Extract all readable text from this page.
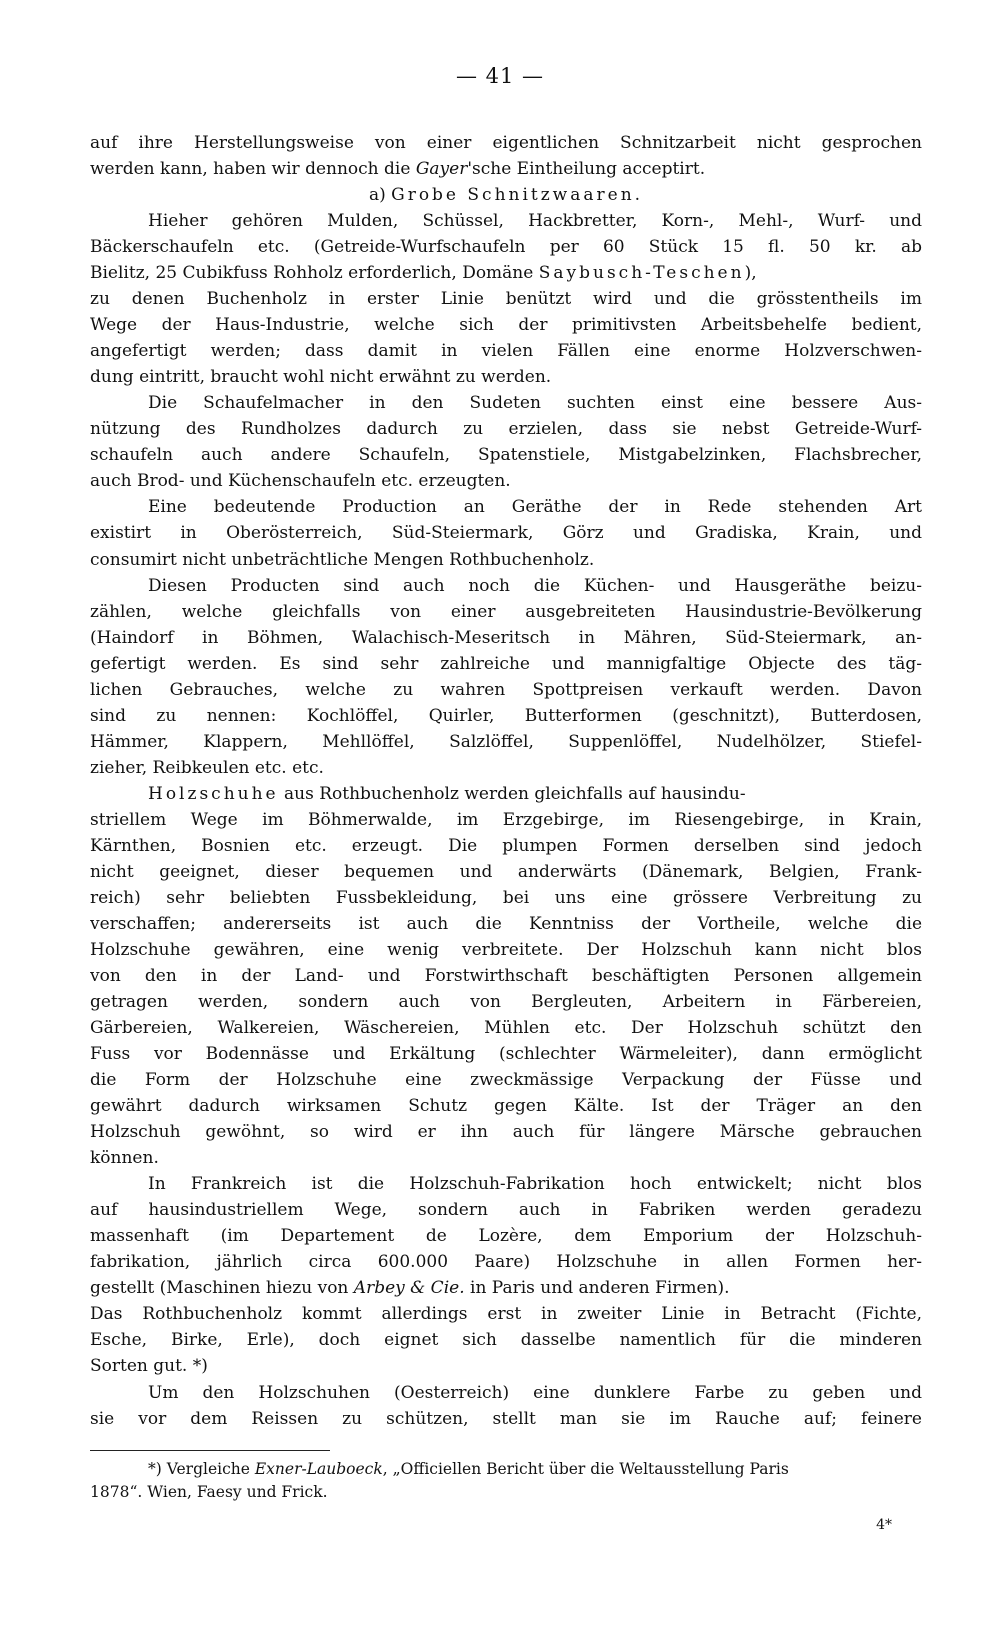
— 41 —
auf ihre Herstellungsweise von einer eigentlichen Schnitzarbeit nicht gesprochen
werden kann, haben wir dennoch die Gayer'sche Eintheilung acceptirt.
a) Grobe Schnitzwaaren.
Hieher gehören Mulden, Schüssel, Hackbretter, Korn-, Mehl-, Wurf- und
Bäckerschaufeln etc. (Getreide-Wurfschaufeln per 60 Stück 15 fl. 50 kr. ab
Bielitz, 25 Cubikfuss Rohholz erforderlich, Domäne Saybusch-Teschen),
zu denen Buchenholz in erster Linie benützt wird und die grösstentheils im
Wege der Haus-Industrie, welche sich der primitivsten Arbeitsbehelfe bedient,
angefertigt werden; dass damit in vielen Fällen eine enorme Holzverschwen-
dung eintritt, braucht wohl nicht erwähnt zu werden.
Die Schaufelmacher in den Sudeten suchten einst eine bessere Aus-
nützung des Rundholzes dadurch zu erzielen, dass sie nebst Getreide-Wurf-
schaufeln auch andere Schaufeln, Spatenstiele, Mistgabelzinken, Flachsbrecher,
auch Brod- und Küchenschaufeln etc. erzeugten.
Eine bedeutende Production an Geräthe der in Rede stehenden Art
existirt in Oberösterreich, Süd-Steiermark, Görz und Gradiska, Krain, und
consumirt nicht unbeträchtliche Mengen Rothbuchenholz.
Diesen Producten sind auch noch die Küchen- und Hausgeräthe beizu-
zählen, welche gleichfalls von einer ausgebreiteten Hausindustrie-Bevölkerung
(Haindorf in Böhmen, Walachisch-Meseritsch in Mähren, Süd-Steiermark, an-
gefertigt werden. Es sind sehr zahlreiche und mannigfaltige Objecte des täg-
lichen Gebrauches, welche zu wahren Spottpreisen verkauft werden. Davon
sind zu nennen: Kochlöffel, Quirler, Butterformen (geschnitzt), Butterdosen,
Hämmer, Klappern, Mehllöffel, Salzlöffel, Suppenlöffel, Nudelhölzer, Stiefel-
zieher, Reibkeulen etc. etc.
Holzschuhe aus Rothbuchenholz werden gleichfalls auf hausindu-
striellem Wege im Böhmerwalde, im Erzgebirge, im Riesengebirge, in Krain,
Kärnthen, Bosnien etc. erzeugt. Die plumpen Formen derselben sind jedoch
nicht geeignet, dieser bequemen und anderwärts (Dänemark, Belgien, Frank-
reich) sehr beliebten Fussbekleidung, bei uns eine grössere Verbreitung zu
verschaffen; andererseits ist auch die Kenntniss der Vortheile, welche die
Holzschuhe gewähren, eine wenig verbreitete. Der Holzschuh kann nicht blos
von den in der Land- und Forstwirthschaft beschäftigten Personen allgemein
getragen werden, sondern auch von Bergleuten, Arbeitern in Färbereien,
Gärbereien, Walkereien, Wäschereien, Mühlen etc. Der Holzschuh schützt den
Fuss vor Bodennässe und Erkältung (schlechter Wärmeleiter), dann ermöglicht
die Form der Holzschuhe eine zweckmässige Verpackung der Füsse und
gewährt dadurch wirksamen Schutz gegen Kälte. Ist der Träger an den
Holzschuh gewöhnt, so wird er ihn auch für längere Märsche gebrauchen
können.
In Frankreich ist die Holzschuh-Fabrikation hoch entwickelt; nicht blos
auf hausindustriellem Wege, sondern auch in Fabriken werden geradezu
massenhaft (im Departement de Lozère, dem Emporium der Holzschuh-
fabrikation, jährlich circa 600.000 Paare) Holzschuhe in allen Formen her-
gestellt (Maschinen hiezu von Arbey & Cie. in Paris und anderen Firmen).
Das Rothbuchenholz kommt allerdings erst in zweiter Linie in Betracht (Fichte,
Esche, Birke, Erle), doch eignet sich dasselbe namentlich für die minderen
Sorten gut. *)
Um den Holzschuhen (Oesterreich) eine dunklere Farbe zu geben und
sie vor dem Reissen zu schützen, stellt man sie im Rauche auf; feinere
*) Vergleiche Exner-Lauboeck, „Officiellen Bericht über die Weltausstellung Paris
1878“. Wien, Faesy und Frick.
4*
